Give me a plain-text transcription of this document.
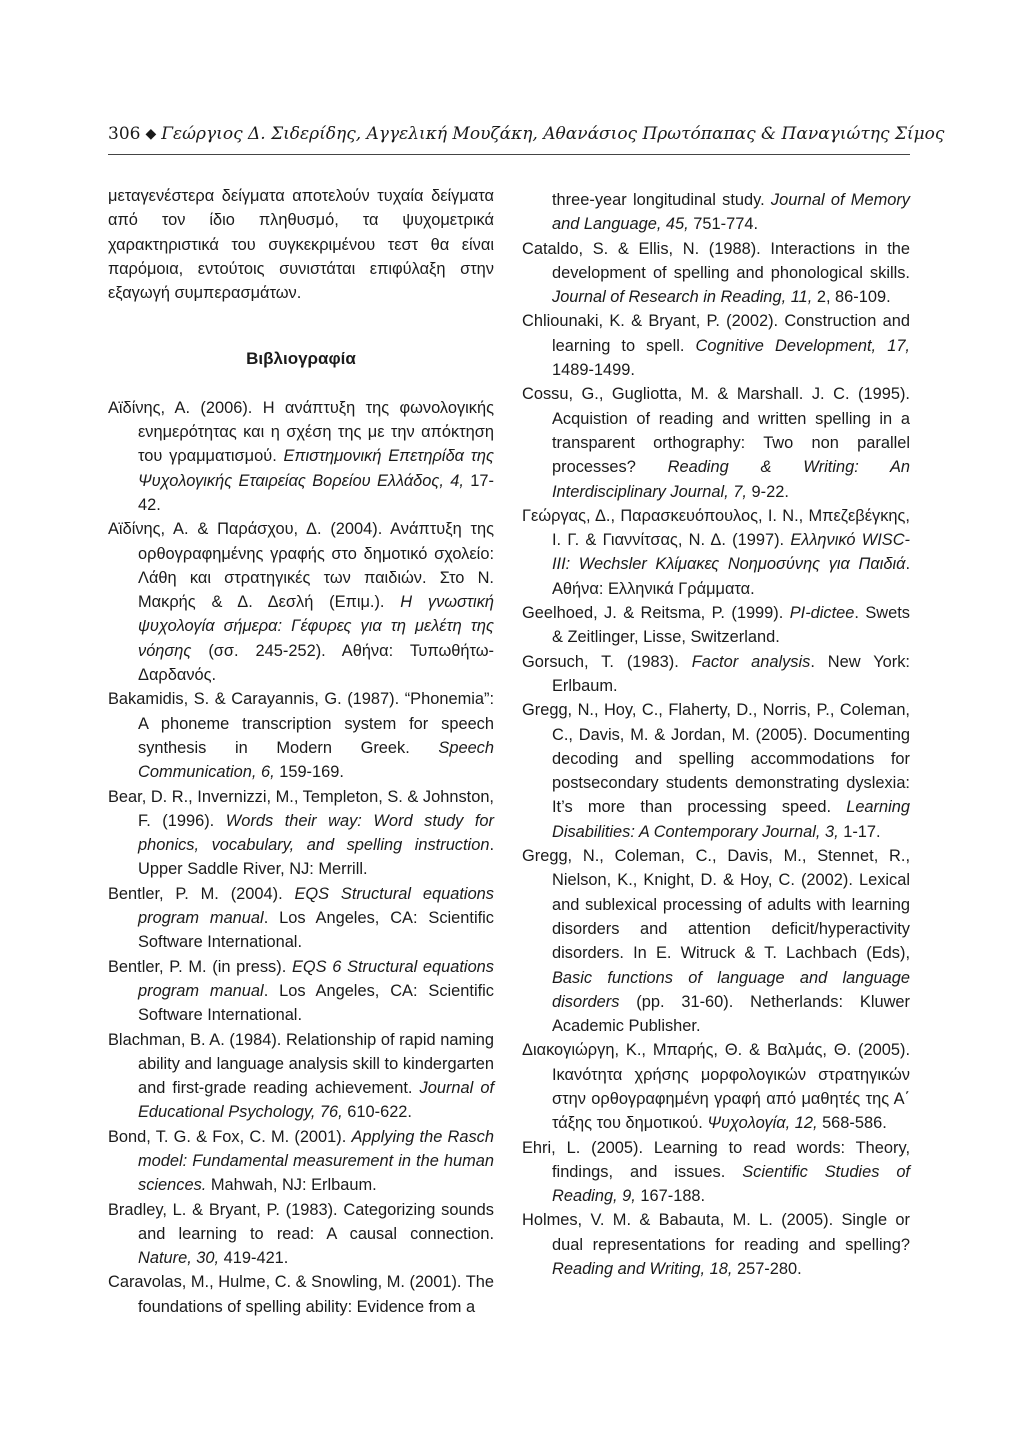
306 ◆ Γεώργιος Δ. Σιδερίδης, Αγγελική Μουζάκη, Αθανάσιος Πρωτόπαπας & Παναγιώτης Σίμος

μεταγενέστερα δείγματα αποτελούν τυχαία δείγματα από τον ίδιο πληθυσμό, τα ψυχομετρικά χαρακτηριστικά του συγκεκριμένου τεστ θα είναι παρόμοια, εντούτοις συνιστάται επιφύλαξη στην εξαγωγή συμπερασμάτων.

Βιβλιογραφία

Αϊδίνης, Α. (2006). Η ανάπτυξη της φωνολογικής ενημερότητας και η σχέση της με την απόκτηση του γραμματισμού. Επιστημονική Επετηρίδα της Ψυχολογικής Εταιρείας Βορείου Ελλάδος, 4, 17-42.

Αϊδίνης, Α. & Παράσχου, Δ. (2004). Ανάπτυξη της ορθογραφημένης γραφής στο δημοτικό σχολείο: Λάθη και στρατηγικές των παιδιών. Στο Ν. Μακρής & Δ. Δεσλή (Επιμ.). Η γνωστική ψυχολογία σήμερα: Γέφυρες για τη μελέτη της νόησης (σσ. 245-252). Αθήνα: Τυπωθήτω-Δαρδανός.

Bakamidis, S. & Carayannis, G. (1987). “Phonemia”: A phoneme transcription system for speech synthesis in Modern Greek. Speech Communication, 6, 159-169.

Bear, D. R., Invernizzi, M., Templeton, S. & Johnston, F. (1996). Words their way: Word study for phonics, vocabulary, and spelling instruction. Upper Saddle River, NJ: Merrill.

Bentler, P. M. (2004). EQS Structural equations program manual. Los Angeles, CA: Scientific Software International.

Bentler, P. M. (in press). EQS 6 Structural equations program manual. Los Angeles, CA: Scientific Software International.

Blachman, B. A. (1984). Relationship of rapid naming ability and language analysis skill to kindergarten and first-grade reading achievement. Journal of Educational Psychology, 76, 610-622.

Bond, T. G. & Fox, C. M. (2001). Applying the Rasch model: Fundamental measurement in the human sciences. Mahwah, NJ: Erlbaum.

Bradley, L. & Bryant, P. (1983). Categorizing sounds and learning to read: A causal connection. Nature, 30, 419-421.

Caravolas, M., Hulme, C. & Snowling, M. (2001). The foundations of spelling ability: Evidence from a

three-year longitudinal study. Journal of Memory and Language, 45, 751-774.

Cataldo, S. & Ellis, N. (1988). Interactions in the development of spelling and phonological skills. Journal of Research in Reading, 11, 2, 86-109.

Chliounaki, K. & Bryant, P. (2002). Construction and learning to spell. Cognitive Development, 17, 1489-1499.

Cossu, G., Gugliotta, M. & Marshall. J. C. (1995). Acquistion of reading and written spelling in a transparent orthography: Two non parallel processes? Reading & Writing: An Interdisciplinary Journal, 7, 9-22.

Γεώργας, Δ., Παρασκευόπουλος, Ι. Ν., Μπεζεβέγκης, Ι. Γ. & Γιαννίτσας, Ν. Δ. (1997). Ελληνικό WISC-III: Wechsler Κλίμακες Νοημοσύνης για Παιδιά. Αθήνα: Ελληνικά Γράμματα.

Geelhoed, J. & Reitsma, P. (1999). PI-dictee. Swets & Zeitlinger, Lisse, Switzerland.

Gorsuch, T. (1983). Factor analysis. New York: Erlbaum.

Gregg, N., Hoy, C., Flaherty, D., Norris, P., Coleman, C., Davis, M. & Jordan, M. (2005). Documenting decoding and spelling accommodations for postsecondary students demonstrating dyslexia: It’s more than processing speed. Learning Disabilities: A Contemporary Journal, 3, 1-17.

Gregg, N., Coleman, C., Davis, M., Stennet, R., Nielson, K., Knight, D. & Hoy, C. (2002). Lexical and sublexical processing of adults with learning disorders and attention deficit/hyperactivity disorders. In E. Witruck & T. Lachbach (Eds), Basic functions of language and language disorders (pp. 31-60). Netherlands: Kluwer Academic Publisher.

Διακογιώργη, Κ., Μπαρής, Θ. & Βαλμάς, Θ. (2005). Ικανότητα χρήσης μορφολογικών στρατηγικών στην ορθογραφημένη γραφή από μαθητές της Α΄ τάξης του δημοτικού. Ψυχολογία, 12, 568-586.

Ehri, L. (2005). Learning to read words: Theory, findings, and issues. Scientific Studies of Reading, 9, 167-188.

Holmes, V. M. & Babauta, M. L. (2005). Single or dual representations for reading and spelling? Reading and Writing, 18, 257-280.
